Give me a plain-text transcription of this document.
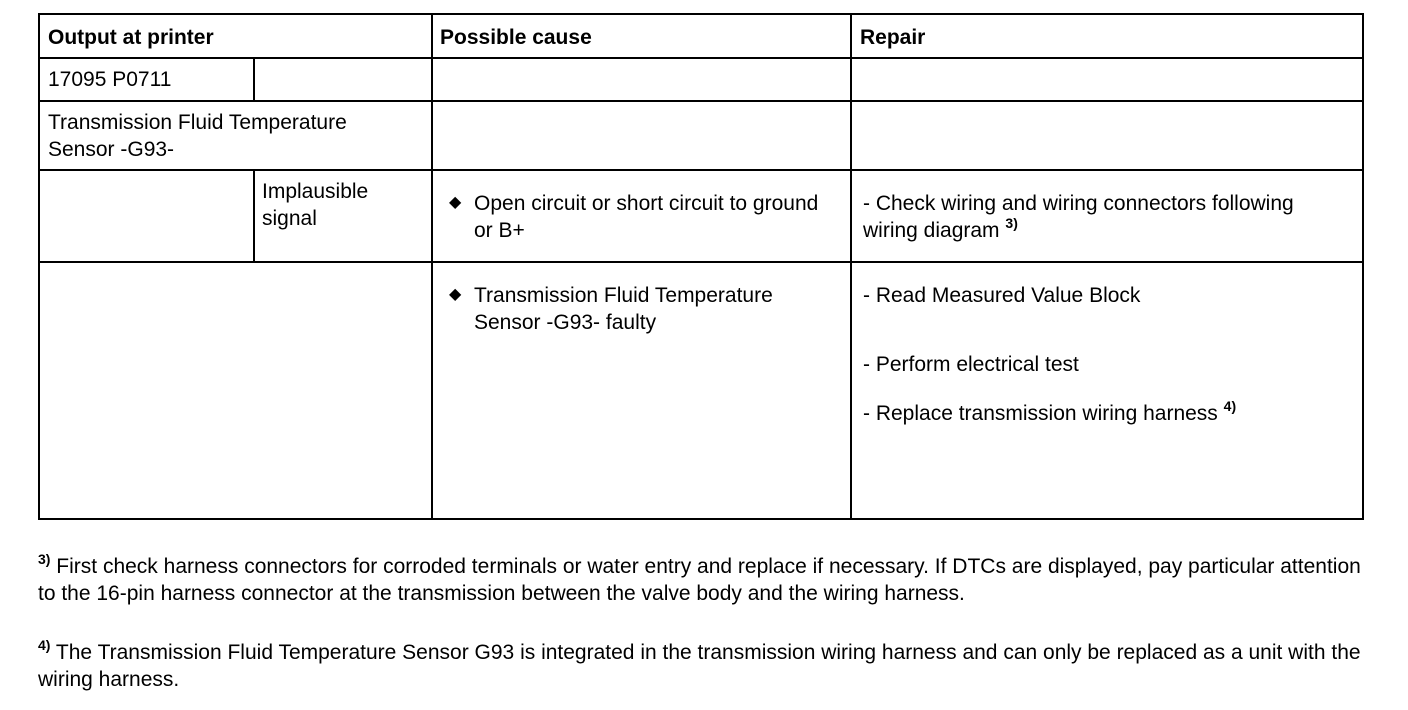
Output at printer	Possible cause	Repair
17095 P0711
Transmission Fluid Temperature Sensor -G93-
Implausible signal
◆ Open circuit or short circuit to ground or B+
- Check wiring and wiring connectors following wiring diagram $^{3)}$
◆ Transmission Fluid Temperature Sensor -G93- faulty
- Read Measured Value Block
- Perform electrical test
- Replace transmission wiring harness $^{4)}$
$^{3)}$ First check harness connectors for corroded terminals or water entry and replace if necessary. If DTCs are displayed, pay particular attention to the 16-pin harness connector at the transmission between the valve body and the wiring harness.
$^{4)}$ The Transmission Fluid Temperature Sensor G93 is integrated in the transmission wiring harness and can only be replaced as a unit with the wiring harness.
